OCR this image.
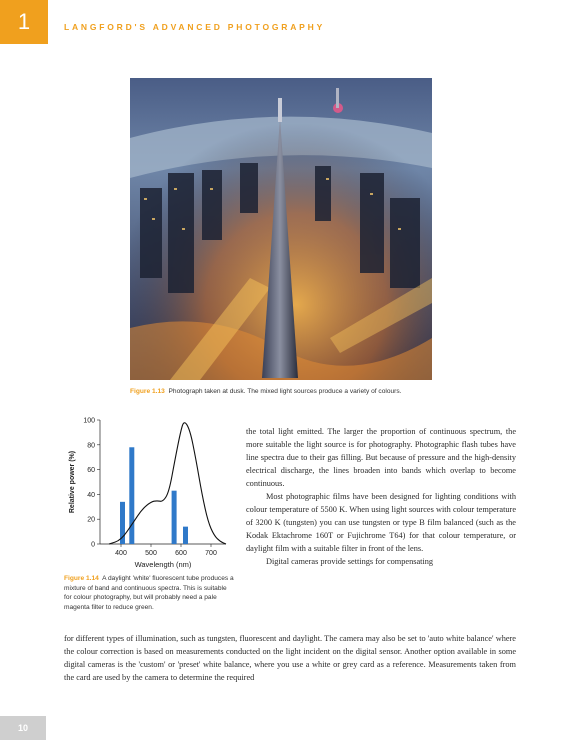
1	LANGFORD'S ADVANCED PHOTOGRAPHY
Figure 1.13 Photograph taken at dusk. The mixed light sources produce a variety of colours.
0
20
40
60
80
100
400	500	600	700
Wavelength (nm)
Relative power (%)
Figure 1.14 A daylight 'white' fluorescent tube produces a mixture of band and continuous spectra. This is suitable for colour photography, but will probably need a pale magenta filter to reduce green.

the total light emitted. The larger the proportion of continuous spectrum, the more suitable the light source is for photography. Photographic flash tubes have line spectra due to their gas filling. But because of pressure and the high-density electrical discharge, the lines broaden into bands which overlap to become continuous.

Most photographic films have been designed for lighting conditions with colour temperature of 5500 K. When using light sources with colour temperature of 3200 K (tungsten) you can use tungsten or type B film balanced (such as the Kodak Ektachrome 160T or Fujichrome T64) for that colour temperature, or daylight film with a suitable filter in front of the lens.

Digital cameras provide settings for compensating

for different types of illumination, such as tungsten, fluorescent and daylight. The camera may also be set to 'auto white balance' where the colour correction is based on measurements conducted on the light incident on the digital sensor. Another option available in some digital cameras is the 'custom' or 'preset' white balance, where you use a white or grey card as a reference. Measurements taken from the card are used by the camera to determine the required

10
